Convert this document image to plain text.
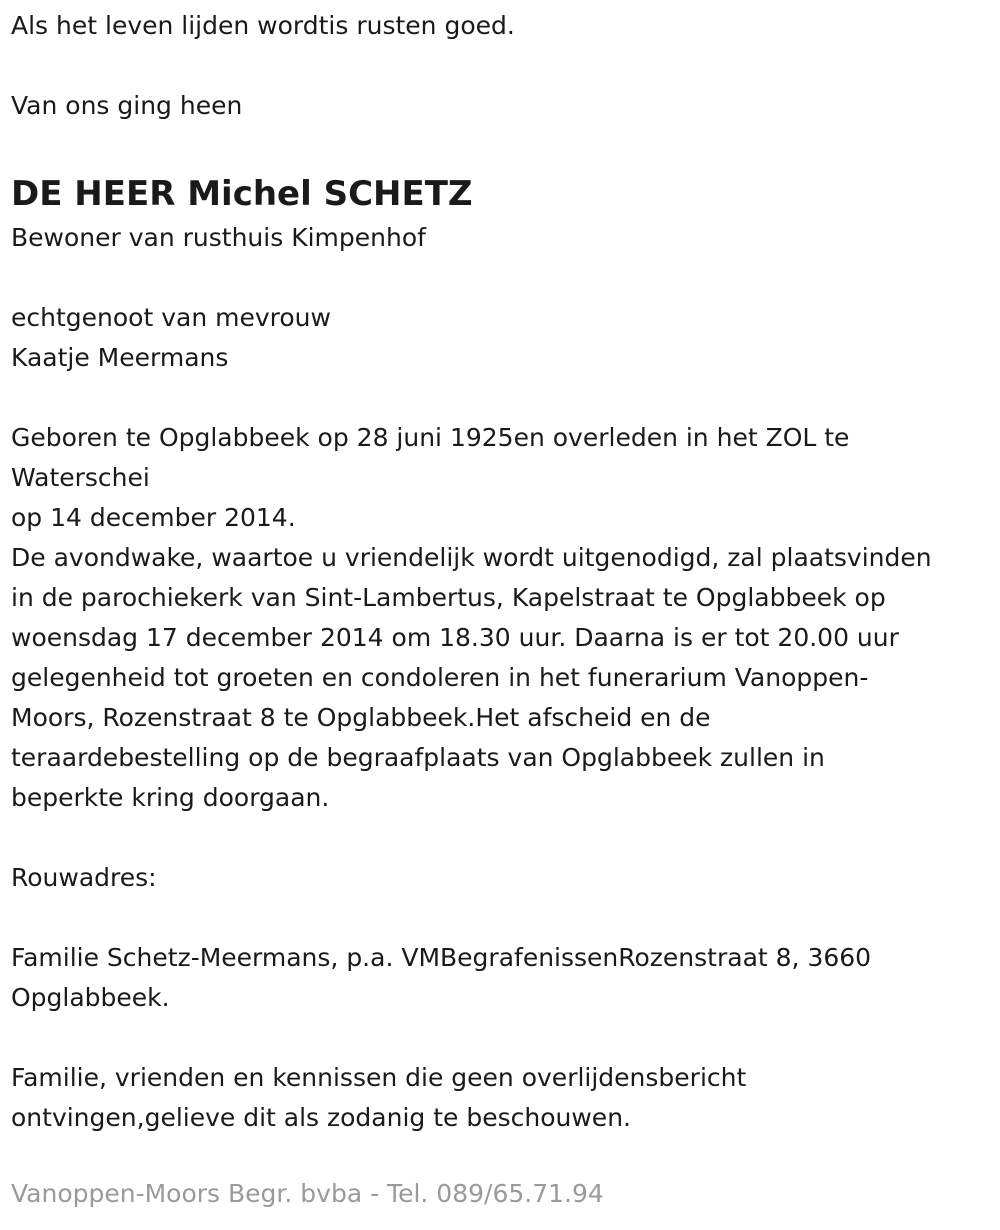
Als het leven lijden wordtis rusten goed.
Van ons ging heen
DE HEER Michel SCHETZ
Bewoner van rusthuis Kimpenhof
echtgenoot van mevrouw
Kaatje Meermans
Geboren te Opglabbeek op 28 juni 1925en overleden in het ZOL te
Waterschei
op 14 december 2014.
De avondwake, waartoe u vriendelijk wordt uitgenodigd, zal plaatsvinden
in de parochiekerk van Sint-Lambertus, Kapelstraat te Opglabbeek op
woensdag 17 december 2014 om 18.30 uur. Daarna is er tot 20.00 uur
gelegenheid tot groeten en condoleren in het funerarium Vanoppen-
Moors, Rozenstraat 8 te Opglabbeek.Het afscheid en de
teraardebestelling op de begraafplaats van Opglabbeek zullen in
beperkte kring doorgaan.
Rouwadres:
Familie Schetz-Meermans, p.a. VMBegrafenissenRozenstraat 8, 3660
Opglabbeek.
Familie, vrienden en kennissen die geen overlijdensbericht
ontvingen,gelieve dit als zodanig te beschouwen.
Vanoppen-Moors Begr. bvba - Tel. 089/65.71.94
